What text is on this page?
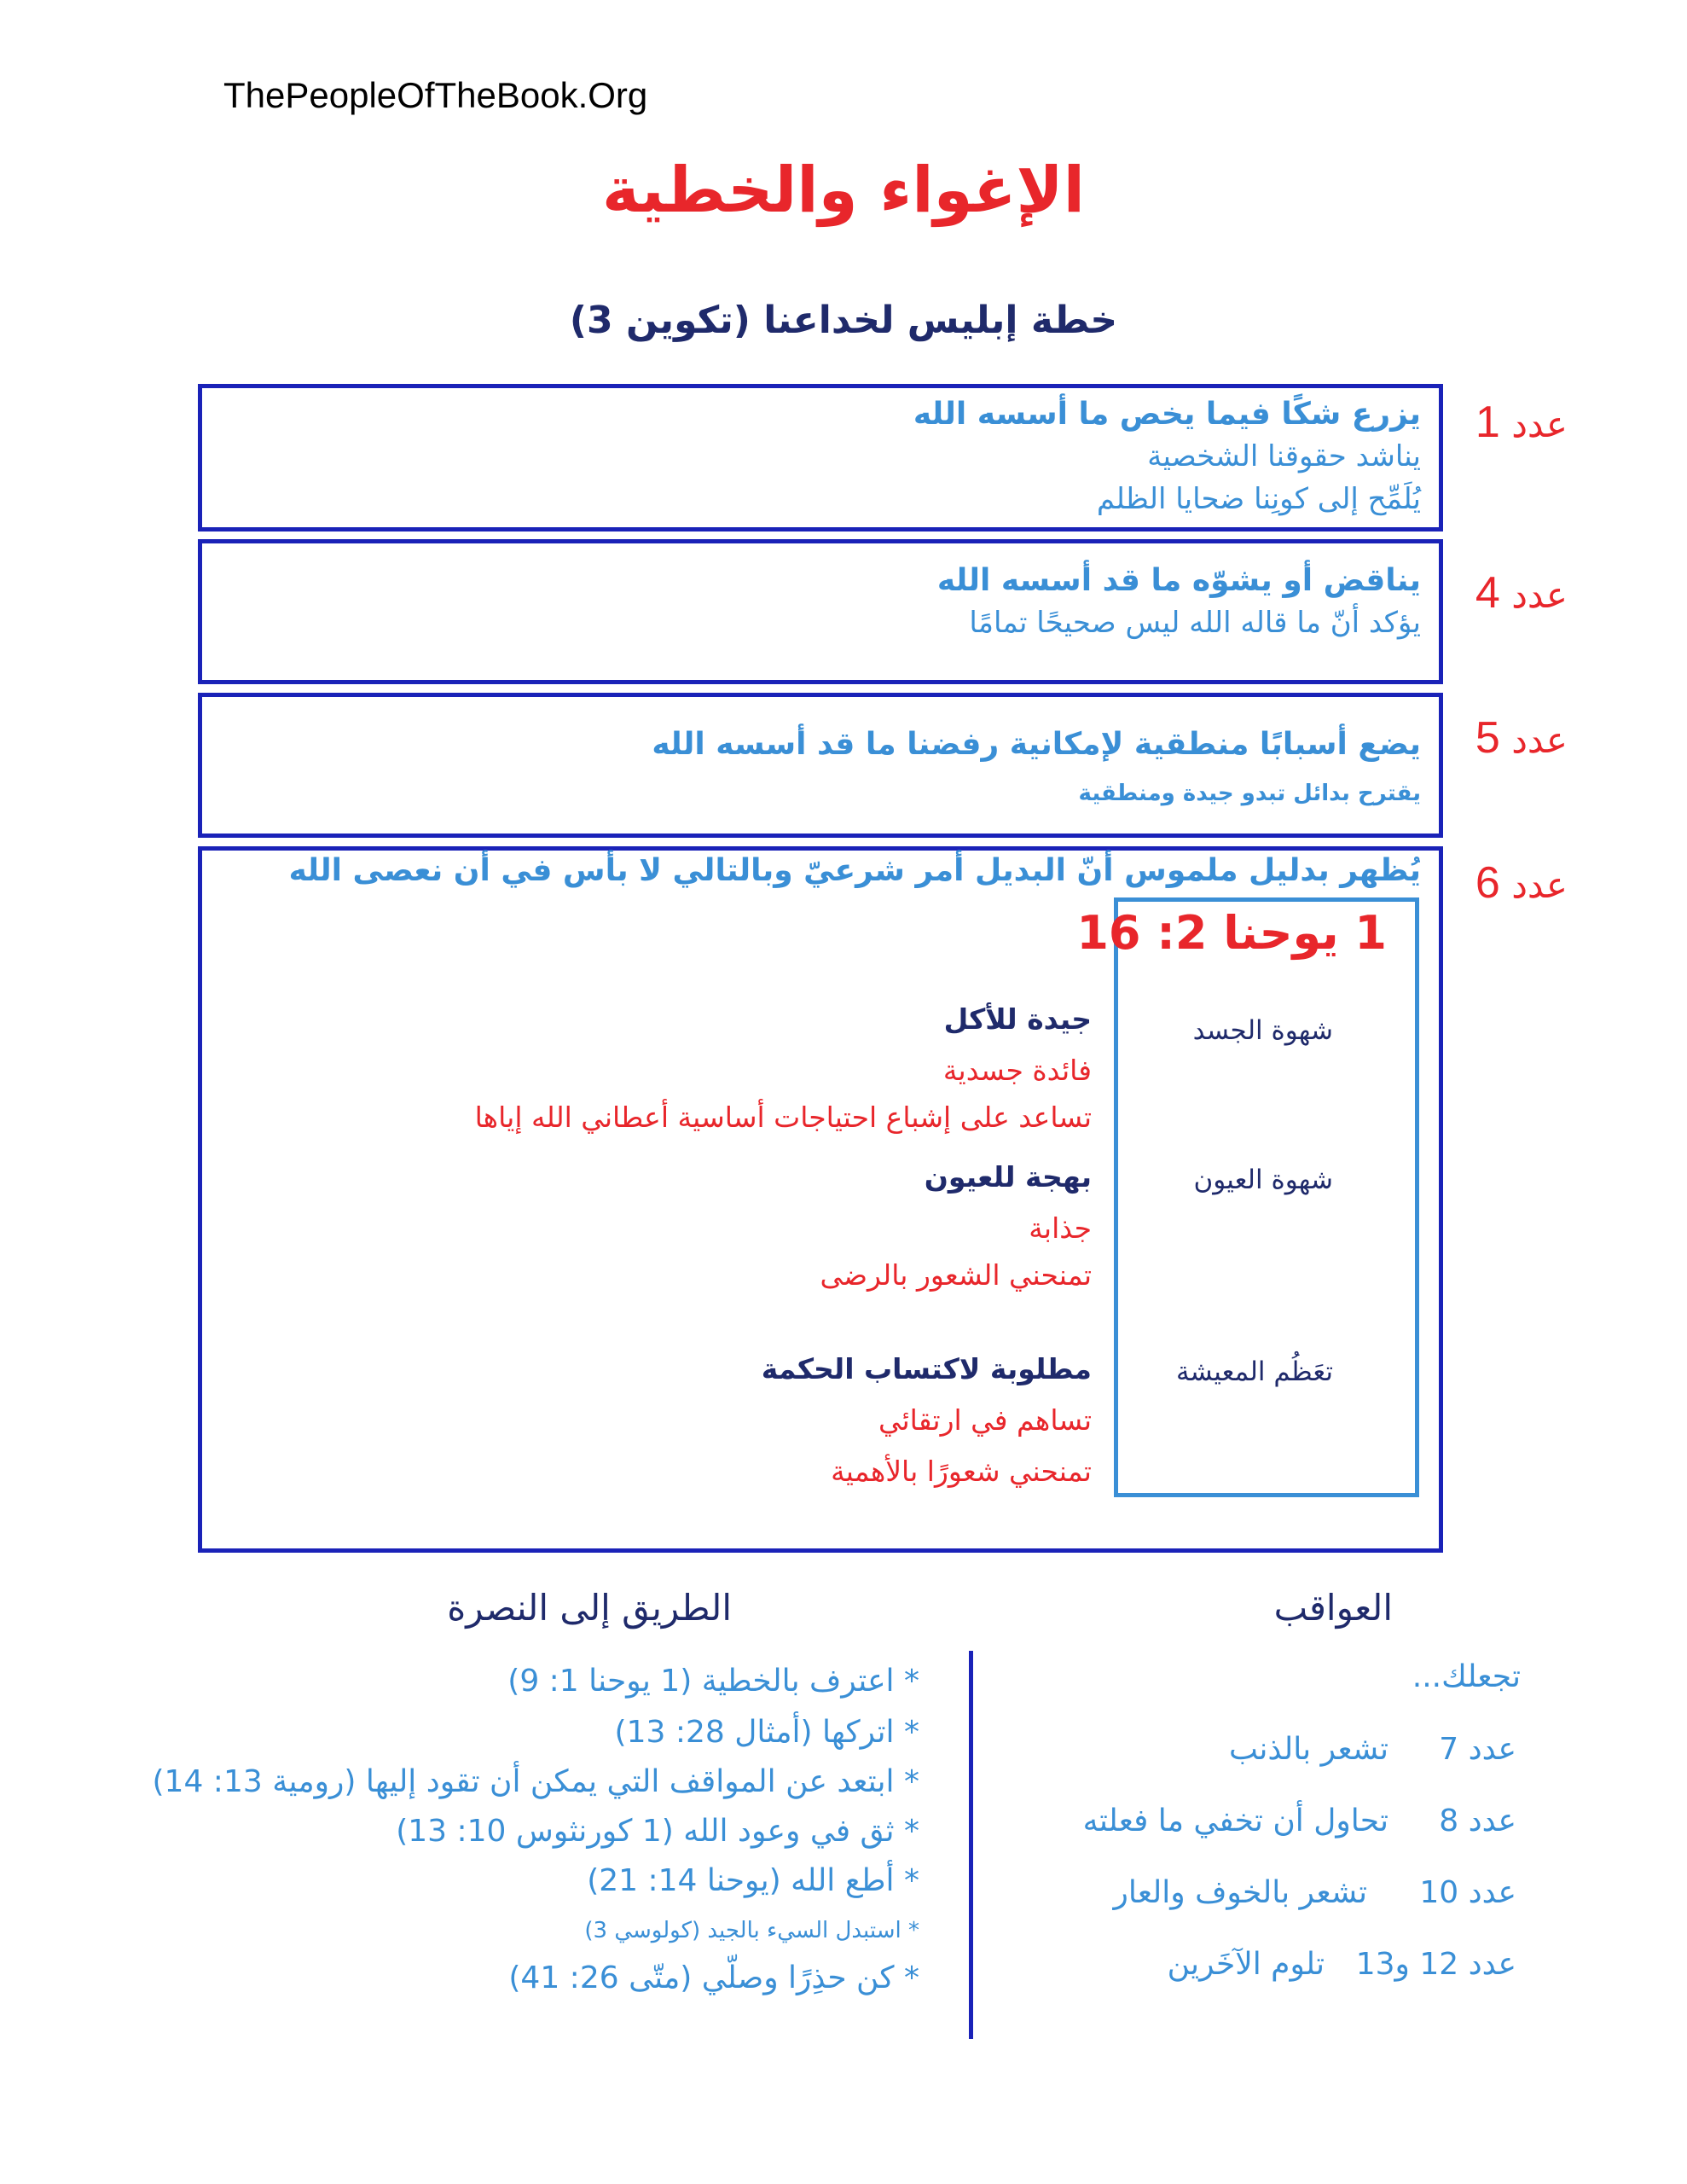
ThePeopleOfTheBook.Org
الإغواء والخطية
خطة إبليس لخداعنا (تكوين 3)
عدد 1
يزرع شكًا فيما يخص ما أسسه الله
يناشد حقوقنا الشخصية
يُلَمِّح إلى كونِنا ضحايا الظلم
عدد 4
يناقض أو يشوّه ما قد أسسه الله
يؤكد أنّ ما قاله الله ليس صحيحًا تمامًا
عدد 5
يضع أسبابًا منطقية لإمكانية رفضنا ما قد أسسه الله
يقترح بدائل تبدو جيدة ومنطقية
عدد 6
يُظهر بدليل ملموس أنّ البديل أمر شرعيّ وبالتالي لا بأس في أن نعصى الله
1 يوحنا 2: 16
شهوة الجسد
شهوة العيون
تعَظُم المعيشة
جيدة للأكل
فائدة جسدية
تساعد على إشباع احتياجات أساسية أعطاني الله إياها
بهجة للعيون
جذابة
تمنحني الشعور بالرضى
مطلوبة لاكتساب الحكمة
تساهم في ارتقائي
تمنحني شعورًا بالأهمية
الطريق إلى النصرة	العواقب
* اعترف بالخطية (1 يوحنا 1: 9)
* اتركها (أمثال 28: 13)
* ابتعد عن المواقف التي يمكن أن تقود إليها (رومية 13: 14)
* ثق في وعود الله (1 كورنثوس 10: 13)
* أطع الله (يوحنا 14: 21)
* استبدل السيء بالجيد (كولوسي 3)
* كن حذِرًا وصلّي (متّى 26: 41)
تجعلك...
عدد 7
تشعر بالذنب
عدد 8
تحاول أن تخفي ما فعلته
عدد 10
تشعر بالخوف والعار
عدد 12 و13
تلوم الآخَرين
